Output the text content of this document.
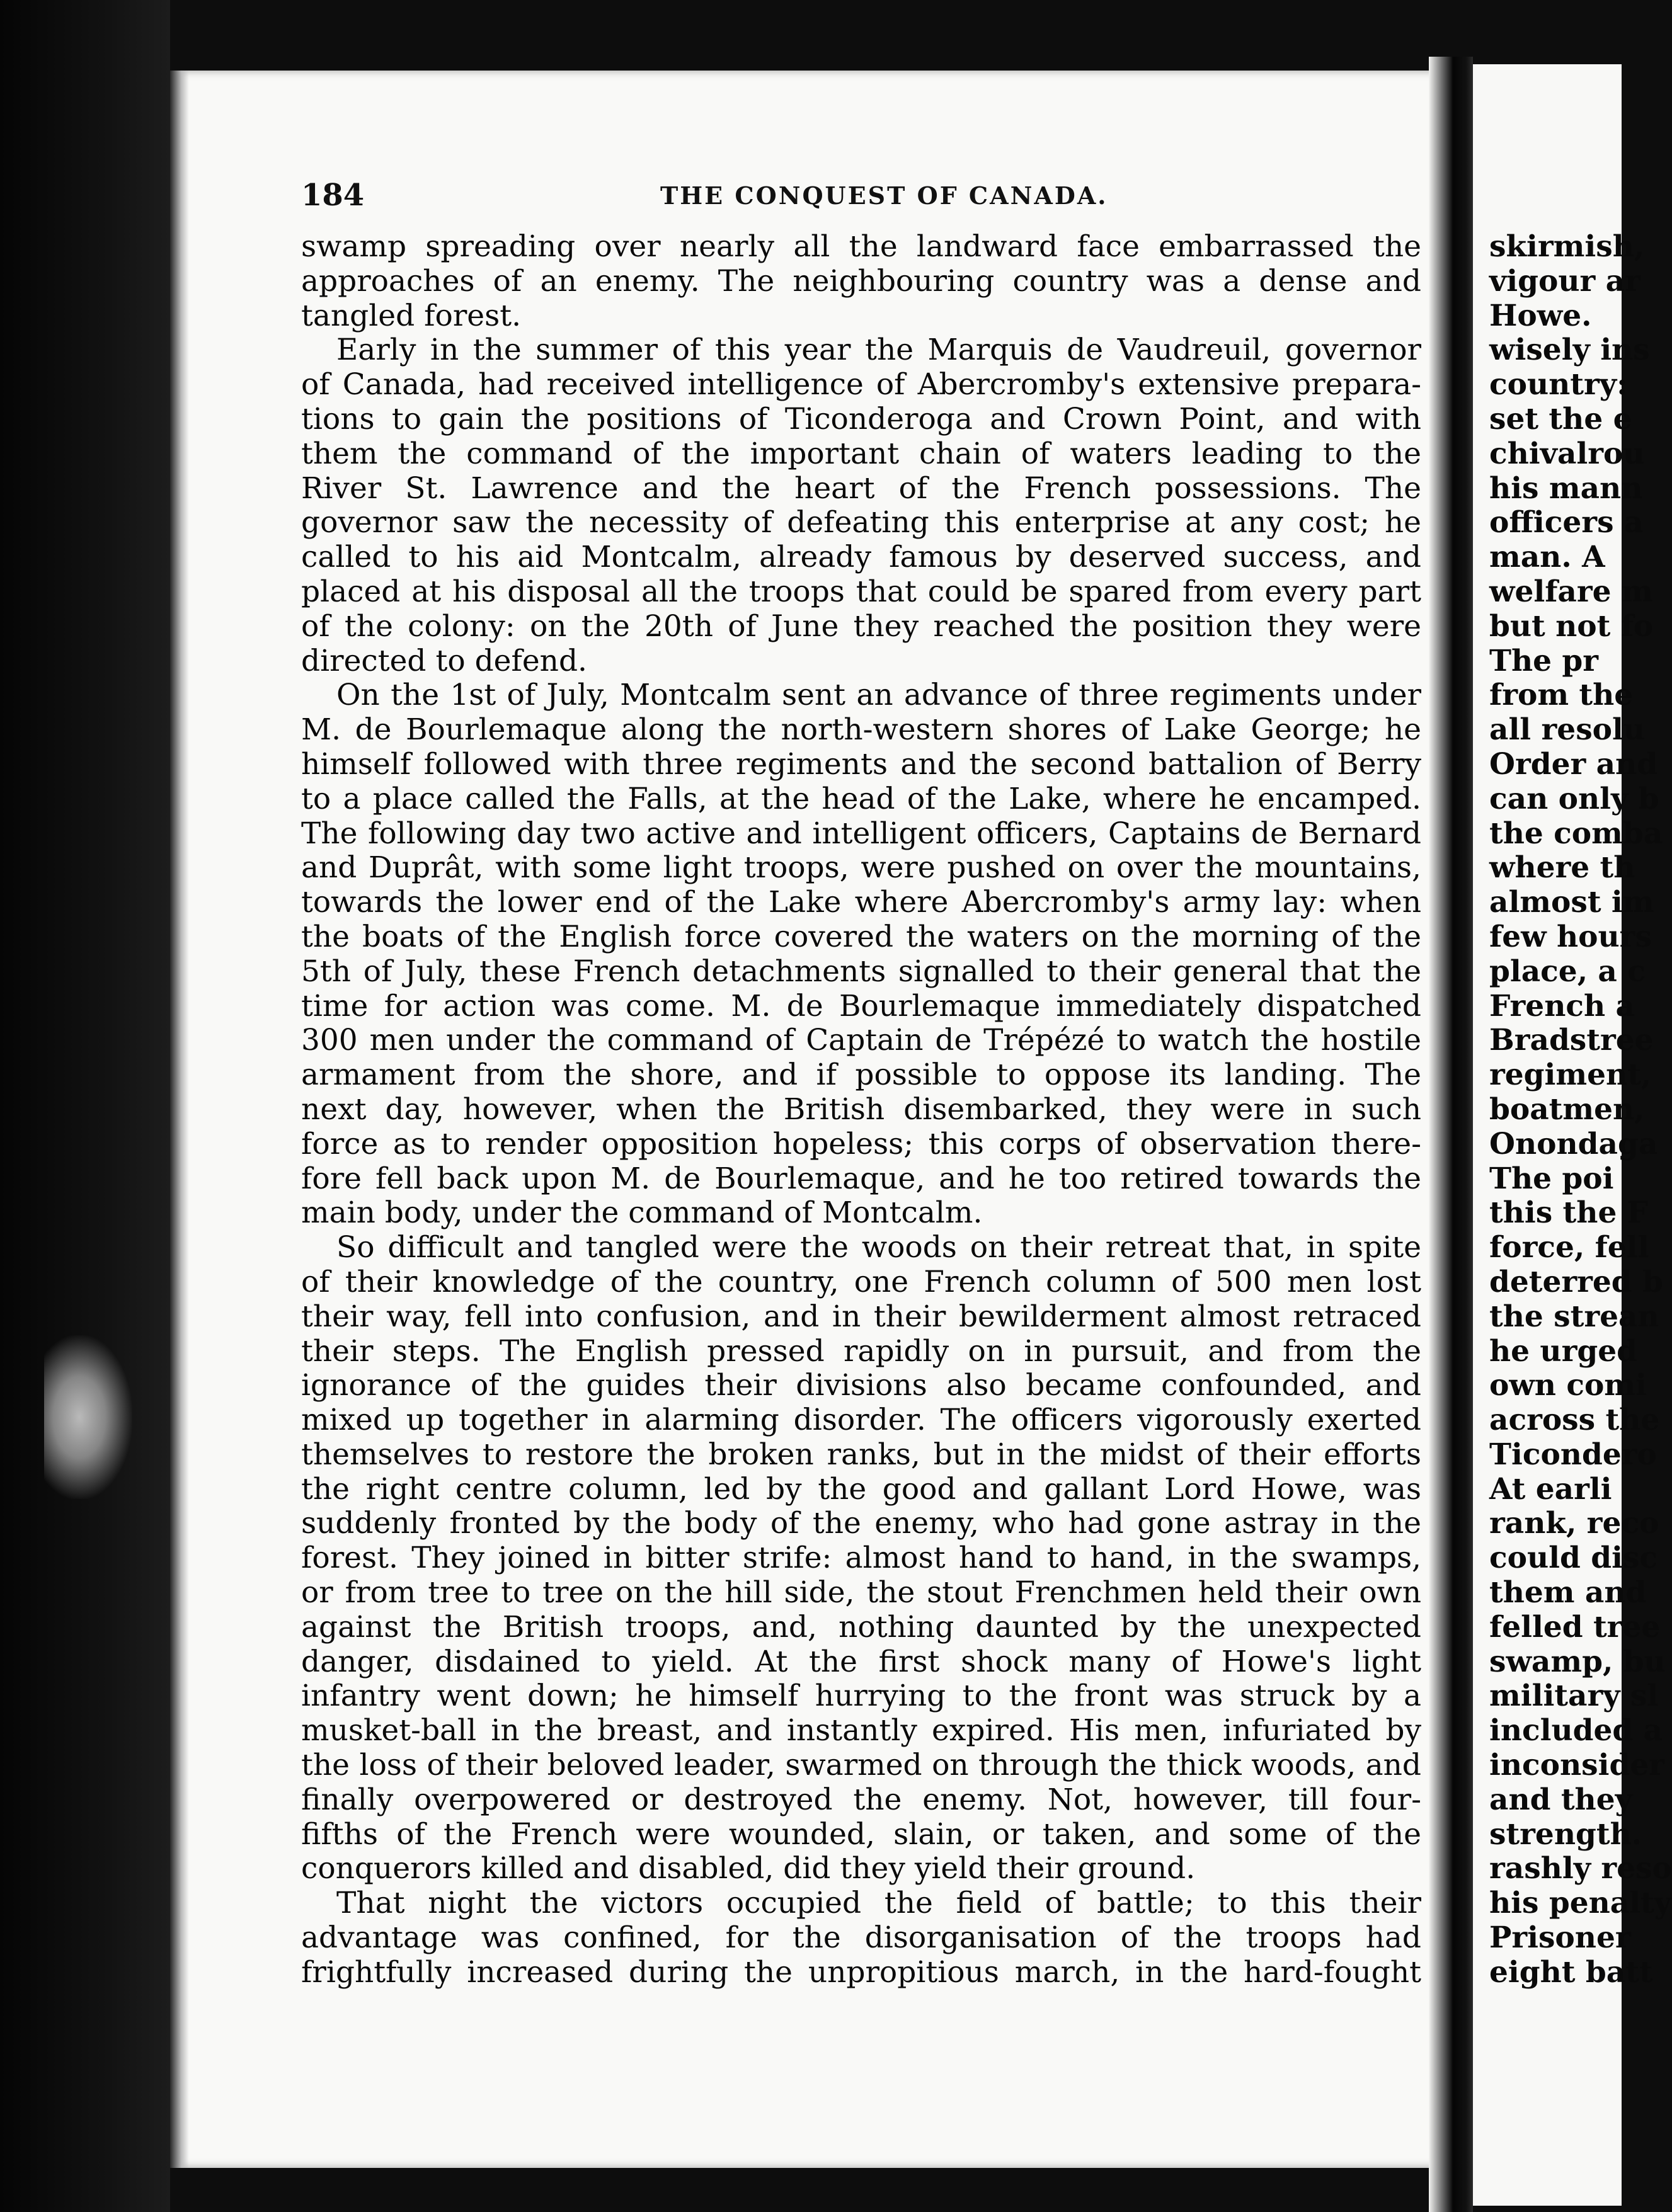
184	THE CONQUEST OF CANADA.

swamp spreading over nearly all the landward face embarrassed the
approaches of an enemy. The neighbouring country was a dense and
tangled forest.

Early in the summer of this year the Marquis de Vaudreuil, governor
of Canada, had received intelligence of Abercromby's extensive prepara-
tions to gain the positions of Ticonderoga and Crown Point, and with
them the command of the important chain of waters leading to the
River St. Lawrence and the heart of the French possessions. The
governor saw the necessity of defeating this enterprise at any cost; he
called to his aid Montcalm, already famous by deserved success, and
placed at his disposal all the troops that could be spared from every part
of the colony: on the 20th of June they reached the position they were
directed to defend.

On the 1st of July, Montcalm sent an advance of three regiments under
M. de Bourlemaque along the north-western shores of Lake George; he
himself followed with three regiments and the second battalion of Berry
to a place called the Falls, at the head of the Lake, where he encamped.
The following day two active and intelligent officers, Captains de Bernard
and Duprât, with some light troops, were pushed on over the mountains,
towards the lower end of the Lake where Abercromby's army lay: when
the boats of the English force covered the waters on the morning of the
5th of July, these French detachments signalled to their general that the
time for action was come. M. de Bourlemaque immediately dispatched
300 men under the command of Captain de Trépézé to watch the hostile
armament from the shore, and if possible to oppose its landing. The
next day, however, when the British disembarked, they were in such
force as to render opposition hopeless; this corps of observation there-
fore fell back upon M. de Bourlemaque, and he too retired towards the
main body, under the command of Montcalm.

So difficult and tangled were the woods on their retreat that, in spite
of their knowledge of the country, one French column of 500 men lost
their way, fell into confusion, and in their bewilderment almost retraced
their steps. The English pressed rapidly on in pursuit, and from the
ignorance of the guides their divisions also became confounded, and
mixed up together in alarming disorder. The officers vigorously exerted
themselves to restore the broken ranks, but in the midst of their efforts
the right centre column, led by the good and gallant Lord Howe, was
suddenly fronted by the body of the enemy, who had gone astray in the
forest. They joined in bitter strife: almost hand to hand, in the swamps,
or from tree to tree on the hill side, the stout Frenchmen held their own
against the British troops, and, nothing daunted by the unexpected
danger, disdained to yield. At the first shock many of Howe's light
infantry went down; he himself hurrying to the front was struck by a
musket-ball in the breast, and instantly expired. His men, infuriated by
the loss of their beloved leader, swarmed on through the thick woods, and
finally overpowered or destroyed the enemy. Not, however, till four-
fifths of the French were wounded, slain, or taken, and some of the
conquerors killed and disabled, did they yield their ground.

That night the victors occupied the field of battle; to this their
advantage was confined, for the disorganisation of the troops had
frightfully increased during the unpropitious march, in the hard-fought

skirmish,
vigour ar
Howe.
wisely ins
country:
set the e
chivalrou
his mann
officers a
man. A
welfare m
but not fo
The pr
from the
all resolu
Order and
can only b
the comba
where th
almost im
few hours
place, a c
French a
Bradstree
regiment,
boatmen,
Onondaga
The poi
this the F
force, fell
deterred b
the strean
he urged
own comi
across the
Ticondero
At earli
rank, reco
could disc
them and
felled tree
swamp, bu
military sl
included a
inconsider
and they
strength.
rashly reso
his penalty
Prisoner
eight batt
